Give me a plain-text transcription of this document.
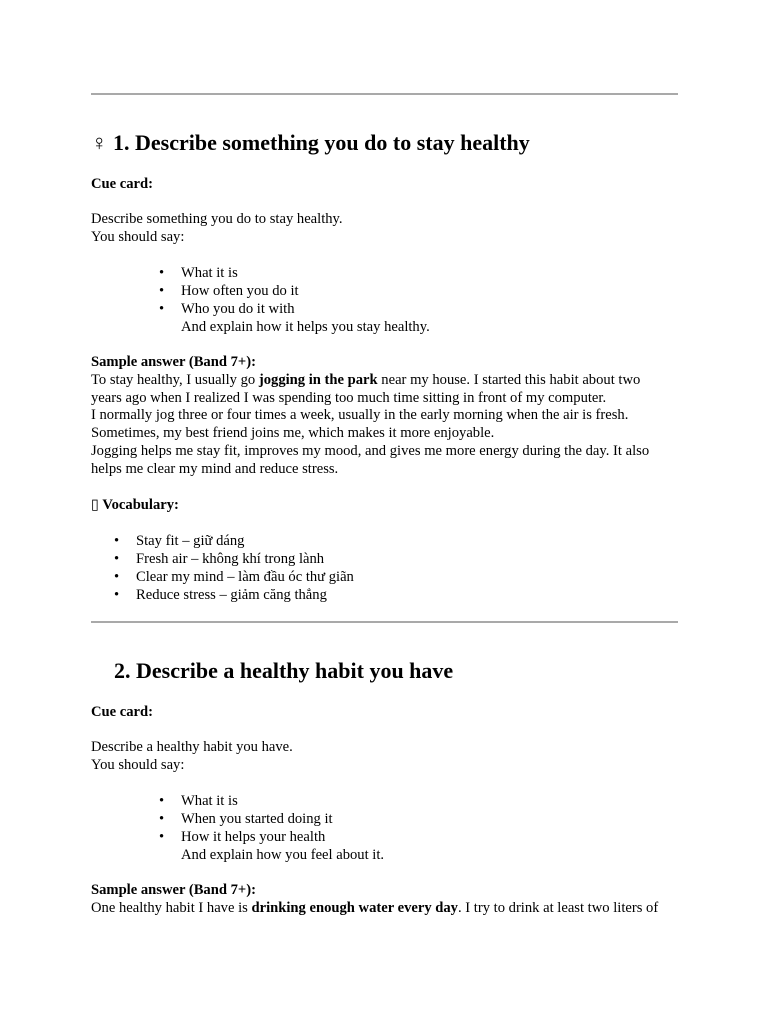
♀ 1. Describe something you do to stay healthy
Cue card:
Describe something you do to stay healthy.
You should say:
• What it is
• How often you do it
• Who you do it with
And explain how it helps you stay healthy.
Sample answer (Band 7+):
To stay healthy, I usually go jogging in the park near my house. I started this habit about two
years ago when I realized I was spending too much time sitting in front of my computer.
I normally jog three or four times a week, usually in the early morning when the air is fresh.
Sometimes, my best friend joins me, which makes it more enjoyable.
Jogging helps me stay fit, improves my mood, and gives me more energy during the day. It also
helps me clear my mind and reduce stress.
▯ Vocabulary:
• Stay fit – giữ dáng
• Fresh air – không khí trong lành
• Clear my mind – làm đầu óc thư giãn
• Reduce stress – giảm căng thẳng
2. Describe a healthy habit you have
Cue card:
Describe a healthy habit you have.
You should say:
• What it is
• When you started doing it
• How it helps your health
And explain how you feel about it.
Sample answer (Band 7+):
One healthy habit I have is drinking enough water every day. I try to drink at least two liters of
